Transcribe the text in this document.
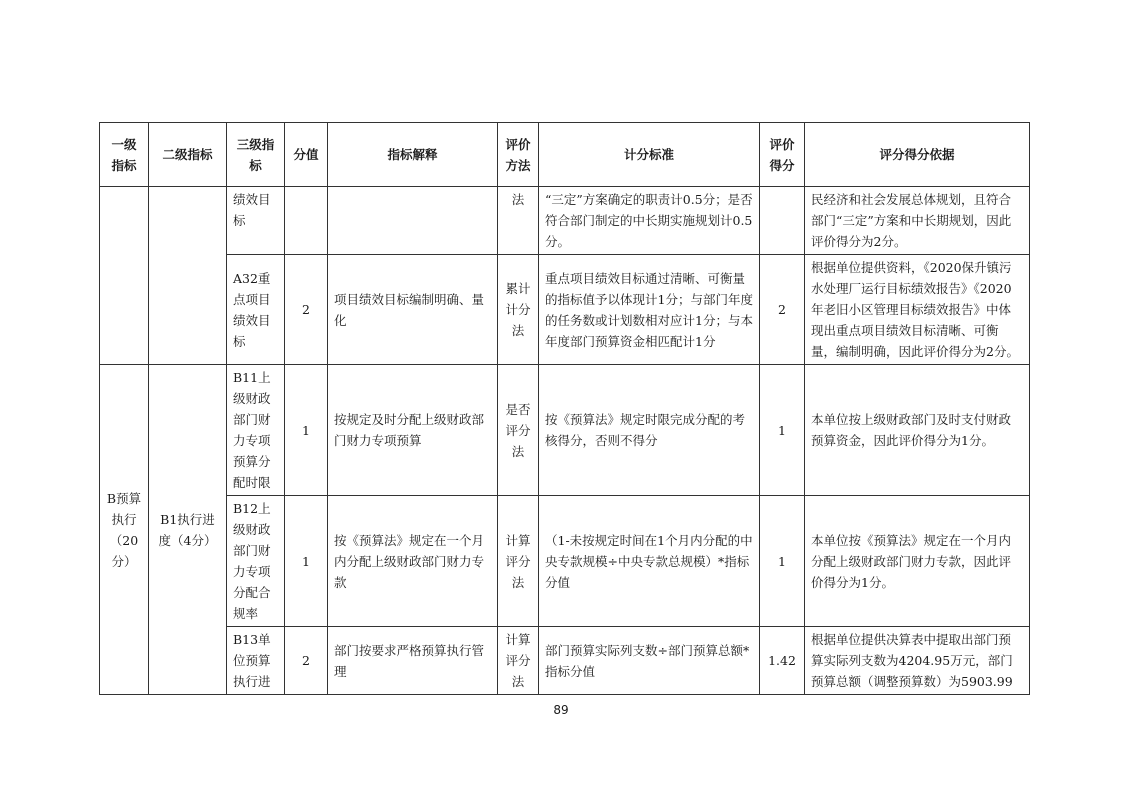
一级指标	二级指标	三级指标	分值	指标解释	评价方法	计分标准	评价得分	评分得分依据
		绩效目标			法	“三定”方案确定的职责计0.5分；是否符合部门制定的中长期实施规划计0.5分。		民经济和社会发展总体规划，且符合部门“三定”方案和中长期规划，因此评价得分为2分。
		A32重点项目绩效目标	2	项目绩效目标编制明确、量化	累计计分法	重点项目绩效目标通过清晰、可衡量的指标值予以体现计1分；与部门年度的任务数或计划数相对应计1分；与本年度部门预算资金相匹配计1分	2	根据单位提供资料，《2020保升镇污水处理厂运行目标绩效报告》《2020年老旧小区管理目标绩效报告》中体现出重点项目绩效目标清晰、可衡量，编制明确，因此评价得分为2分。
B预算执行（20分）	B1执行进度（4分）	B11上级财政部门财力专项预算分配时限	1	按规定及时分配上级财政部门财力专项预算	是否评分法	按《预算法》规定时限完成分配的考核得分，否则不得分	1	本单位按上级财政部门及时支付财政预算资金，因此评价得分为1分。
		B12上级财政部门财力专项分配合规率	1	按《预算法》规定在一个月内分配上级财政部门财力专款	计算评分法	（1-未按规定时间在1个月内分配的中央专款规模÷中央专款总规模）*指标分值	1	本单位按《预算法》规定在一个月内分配上级财政部门财力专款，因此评价得分为1分。
		B13单位预算执行进	2	部门按要求严格预算执行管理	计算评分法	部门预算实际列支数÷部门预算总额*指标分值	1.42	根据单位提供决算表中提取出部门预算实际列支数为4204.95万元，部门预算总额（调整预算数）为5903.99
89
